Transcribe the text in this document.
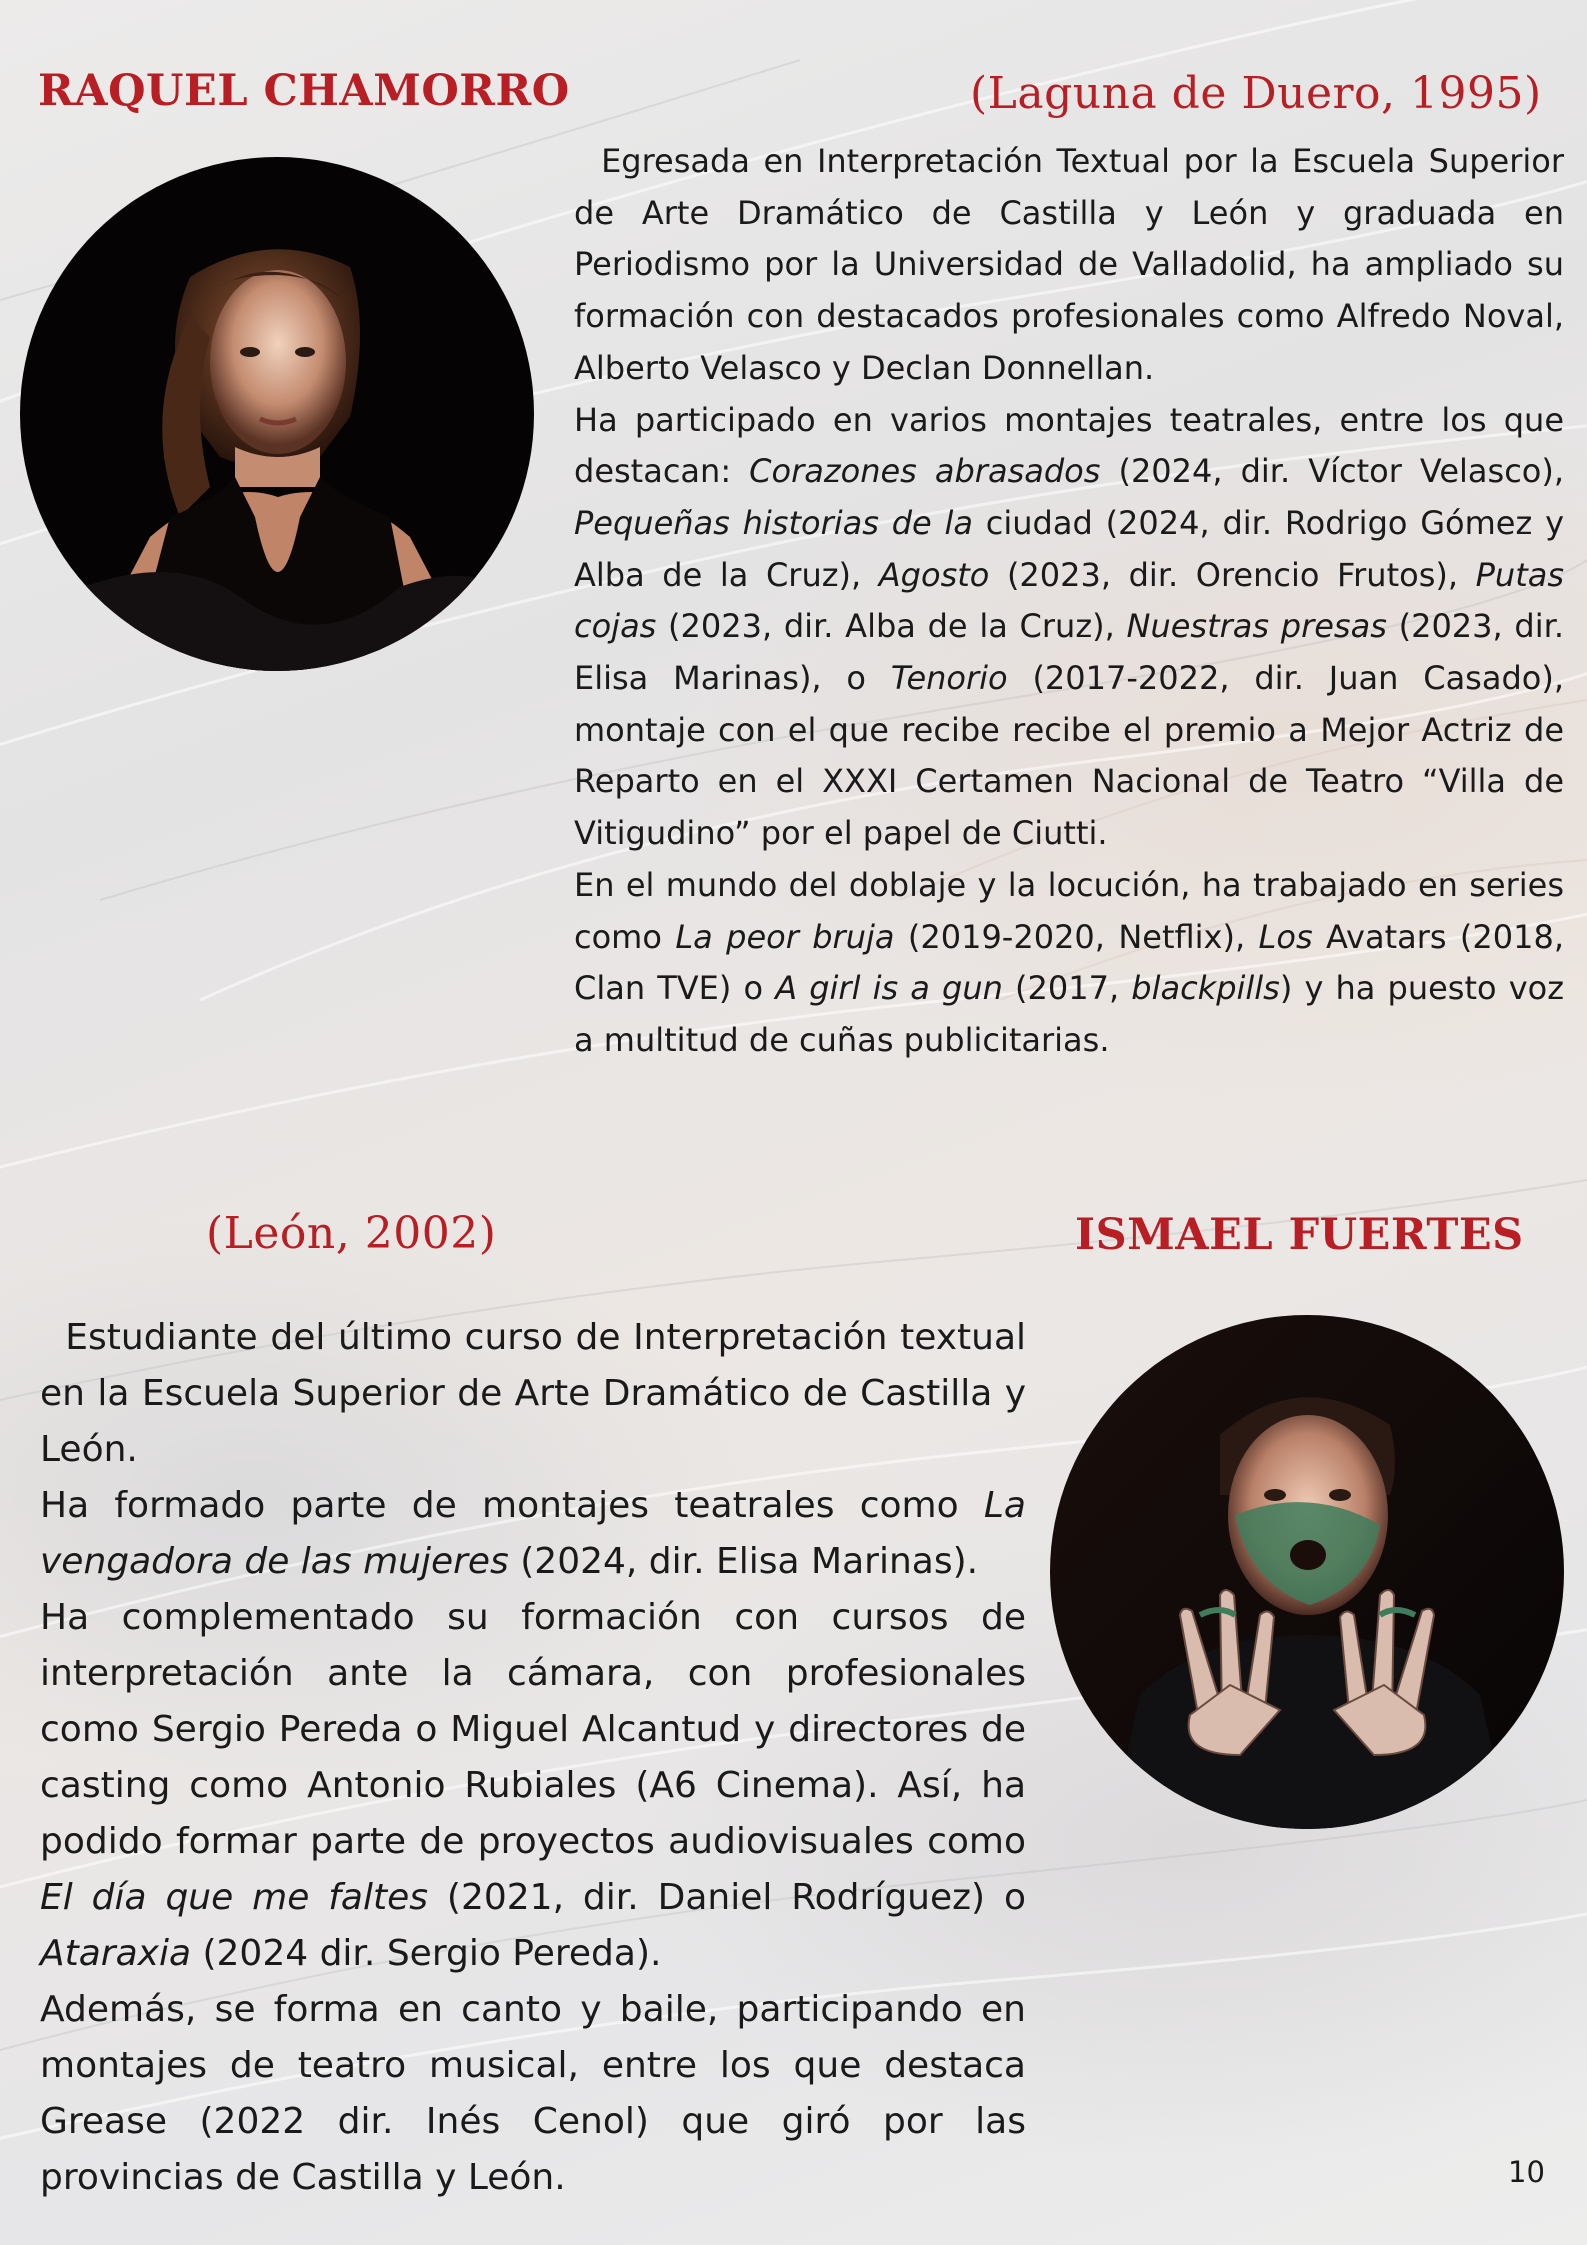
RAQUEL CHAMORRO	(Laguna de Duero, 1995)

Egresada en Interpretación Textual por la Escuela Superior de Arte Dramático de Castilla y León y graduada en Periodismo por la Universidad de Valladolid, ha ampliado su formación con destacados profesionales como Alfredo Noval, Alberto Velasco y Declan Donnellan.

Ha participado en varios montajes teatrales, entre los que destacan: Corazones abrasados (2024, dir. Víctor Velasco), Pequeñas historias de la ciudad (2024, dir. Rodrigo Gómez y Alba de la Cruz), Agosto (2023, dir. Orencio Frutos), Putas cojas (2023, dir. Alba de la Cruz), Nuestras presas (2023, dir. Elisa Marinas), o Tenorio (2017-2022, dir. Juan Casado), montaje con el que recibe recibe el premio a Mejor Actriz de Reparto en el XXXI Certamen Nacional de Teatro “Villa de Vitigudino” por el papel de Ciutti.

En el mundo del doblaje y la locución, ha trabajado en series como La peor bruja (2019-2020, Netflix), Los Avatars (2018, Clan TVE) o A girl is a gun (2017, blackpills) y ha puesto voz a multitud de cuñas publicitarias.

(León, 2002)	ISMAEL FUERTES

Estudiante del último curso de Interpretación textual en la Escuela Superior de Arte Dramático de Castilla y León.

Ha formado parte de montajes teatrales como La vengadora de las mujeres (2024, dir. Elisa Marinas).

Ha complementado su formación con cursos de interpretación ante la cámara, con profesionales como Sergio Pereda o Miguel Alcantud y directores de casting como Antonio Rubiales (A6 Cinema). Así, ha podido formar parte de proyectos audiovisuales como El día que me faltes (2021, dir. Daniel Rodríguez) o Ataraxia (2024 dir. Sergio Pereda).

Además, se forma en canto y baile, participando en montajes de teatro musical, entre los que destaca Grease (2022 dir. Inés Cenol) que giró por las provincias de Castilla y León.	10
